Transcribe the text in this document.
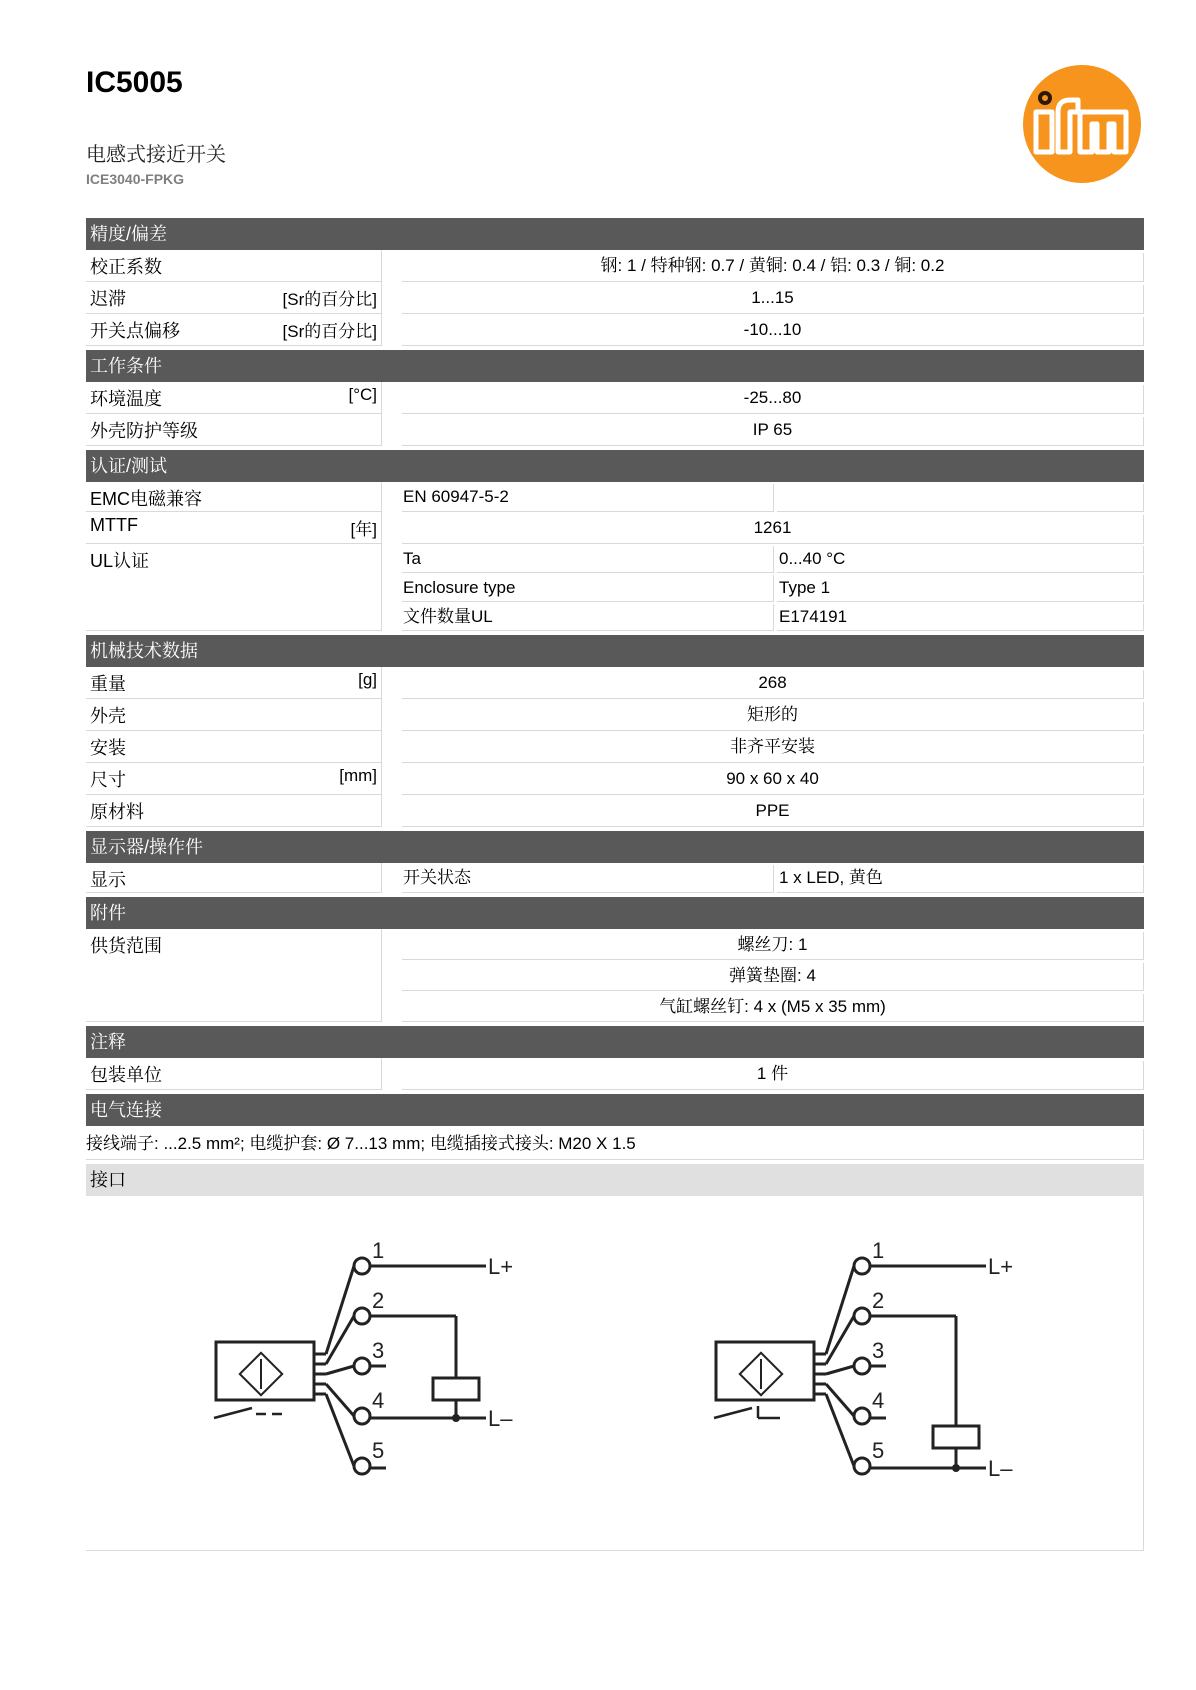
IC5005
电感式接近开关
ICE3040-FPKG
精度/偏差
校正系数	钢: 1 / 特种钢: 0.7 / 黄铜: 0.4 / 铝: 0.3 / 铜: 0.2
迟滞	[Sr的百分比]	1...15
开关点偏移	[Sr的百分比]	-10...10
工作条件
环境温度	[°C]	-25...80
外壳防护等级	IP 65
认证/测试
EMC电磁兼容	EN 60947-5-2
MTTF	[年]	1261
UL认证	Ta	0...40 °C
Enclosure type	Type 1
文件数量UL	E174191
机械技术数据
重量	[g]	268
外壳	矩形的
安装	非齐平安装
尺寸	[mm]	90 x 60 x 40
原材料	PPE
显示器/操作件
显示	开关状态	1 x LED, 黄色
附件
供货范围	螺丝刀: 1
弹簧垫圈: 4
气缸螺丝钉: 4 x (M5 x 35 mm)
注释
包装单位	1 件
电气连接
接线端子: ...2.5 mm²; 电缆护套: Ø 7...13 mm; 电缆插接式接头: M20 X 1.5
接口
1
2
3
4
5
L+
L–
1
2
3
4
5
L+
L–
